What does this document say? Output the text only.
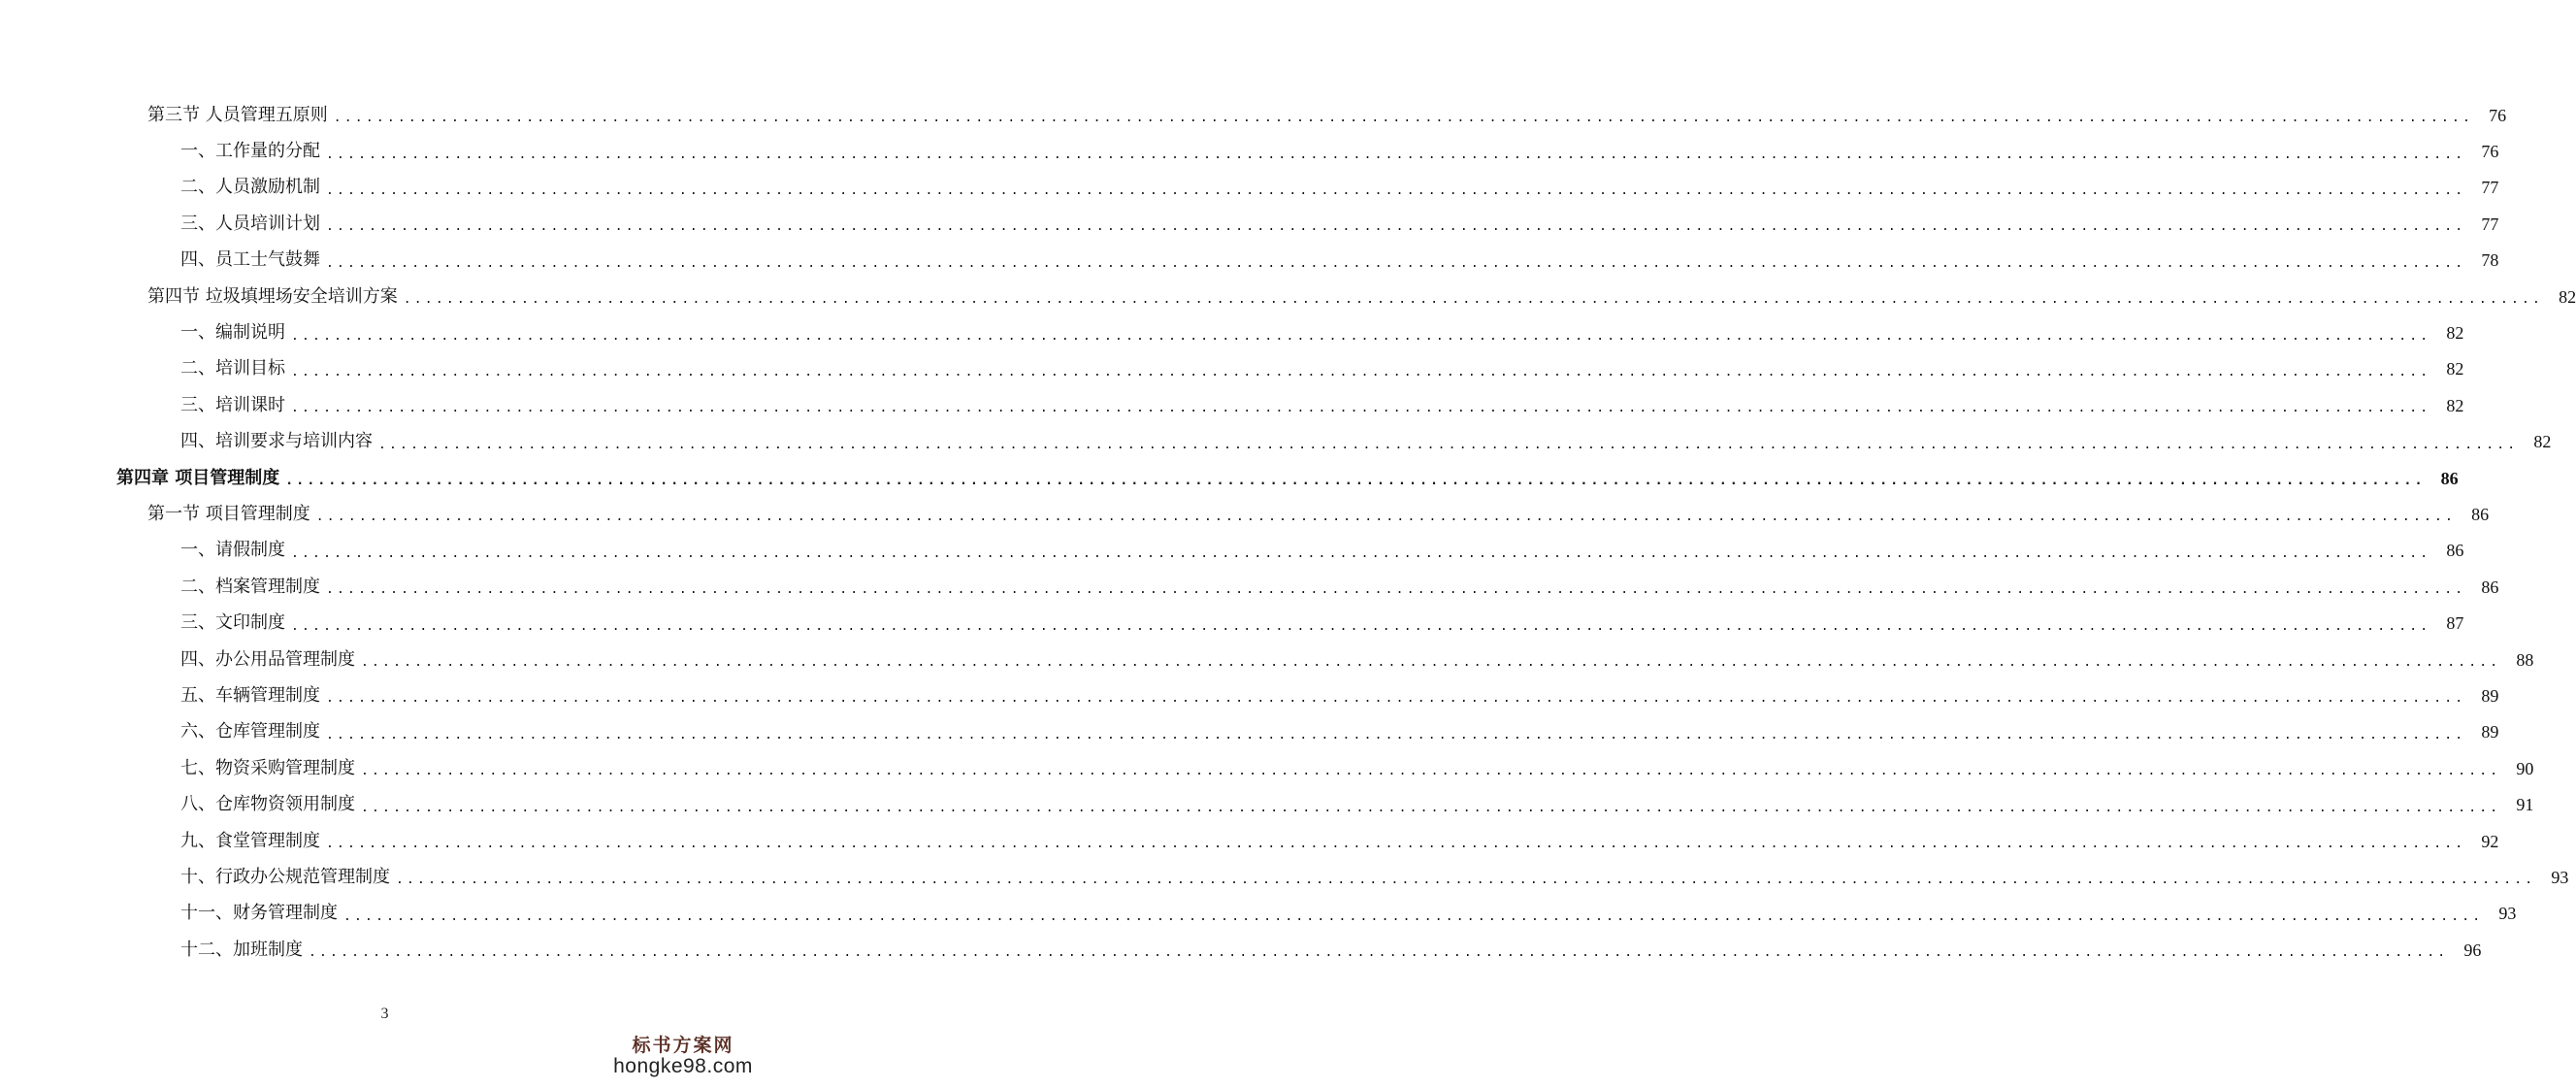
第三节 人员管理五原则 ........................................................................................................................................................................................................ 76
一、工作量的分配 ........................................................................................................................................................................................................ 76
二、人员激励机制 ........................................................................................................................................................................................................ 77
三、人员培训计划 ........................................................................................................................................................................................................ 77
四、员工士气鼓舞 ........................................................................................................................................................................................................ 78
第四节 垃圾填埋场安全培训方案 ........................................................................................................................................................................................................ 82
一、编制说明 ........................................................................................................................................................................................................ 82
二、培训目标 ........................................................................................................................................................................................................ 82
三、培训课时 ........................................................................................................................................................................................................ 82
四、培训要求与培训内容 ........................................................................................................................................................................................................ 82
第四章 项目管理制度 ........................................................................................................................................................................................................ 86
第一节 项目管理制度 ........................................................................................................................................................................................................ 86
一、请假制度 ........................................................................................................................................................................................................ 86
二、档案管理制度 ........................................................................................................................................................................................................ 86
三、文印制度 ........................................................................................................................................................................................................ 87
四、办公用品管理制度 ........................................................................................................................................................................................................ 88
五、车辆管理制度 ........................................................................................................................................................................................................ 89
六、仓库管理制度 ........................................................................................................................................................................................................ 89
七、物资采购管理制度 ........................................................................................................................................................................................................ 90
八、仓库物资领用制度 ........................................................................................................................................................................................................ 91
九、食堂管理制度 ........................................................................................................................................................................................................ 92
十、行政办公规范管理制度 ........................................................................................................................................................................................................ 93
十一、财务管理制度 ........................................................................................................................................................................................................ 93
十二、加班制度 ........................................................................................................................................................................................................ 96
3
标书方案网
hongke98.com
